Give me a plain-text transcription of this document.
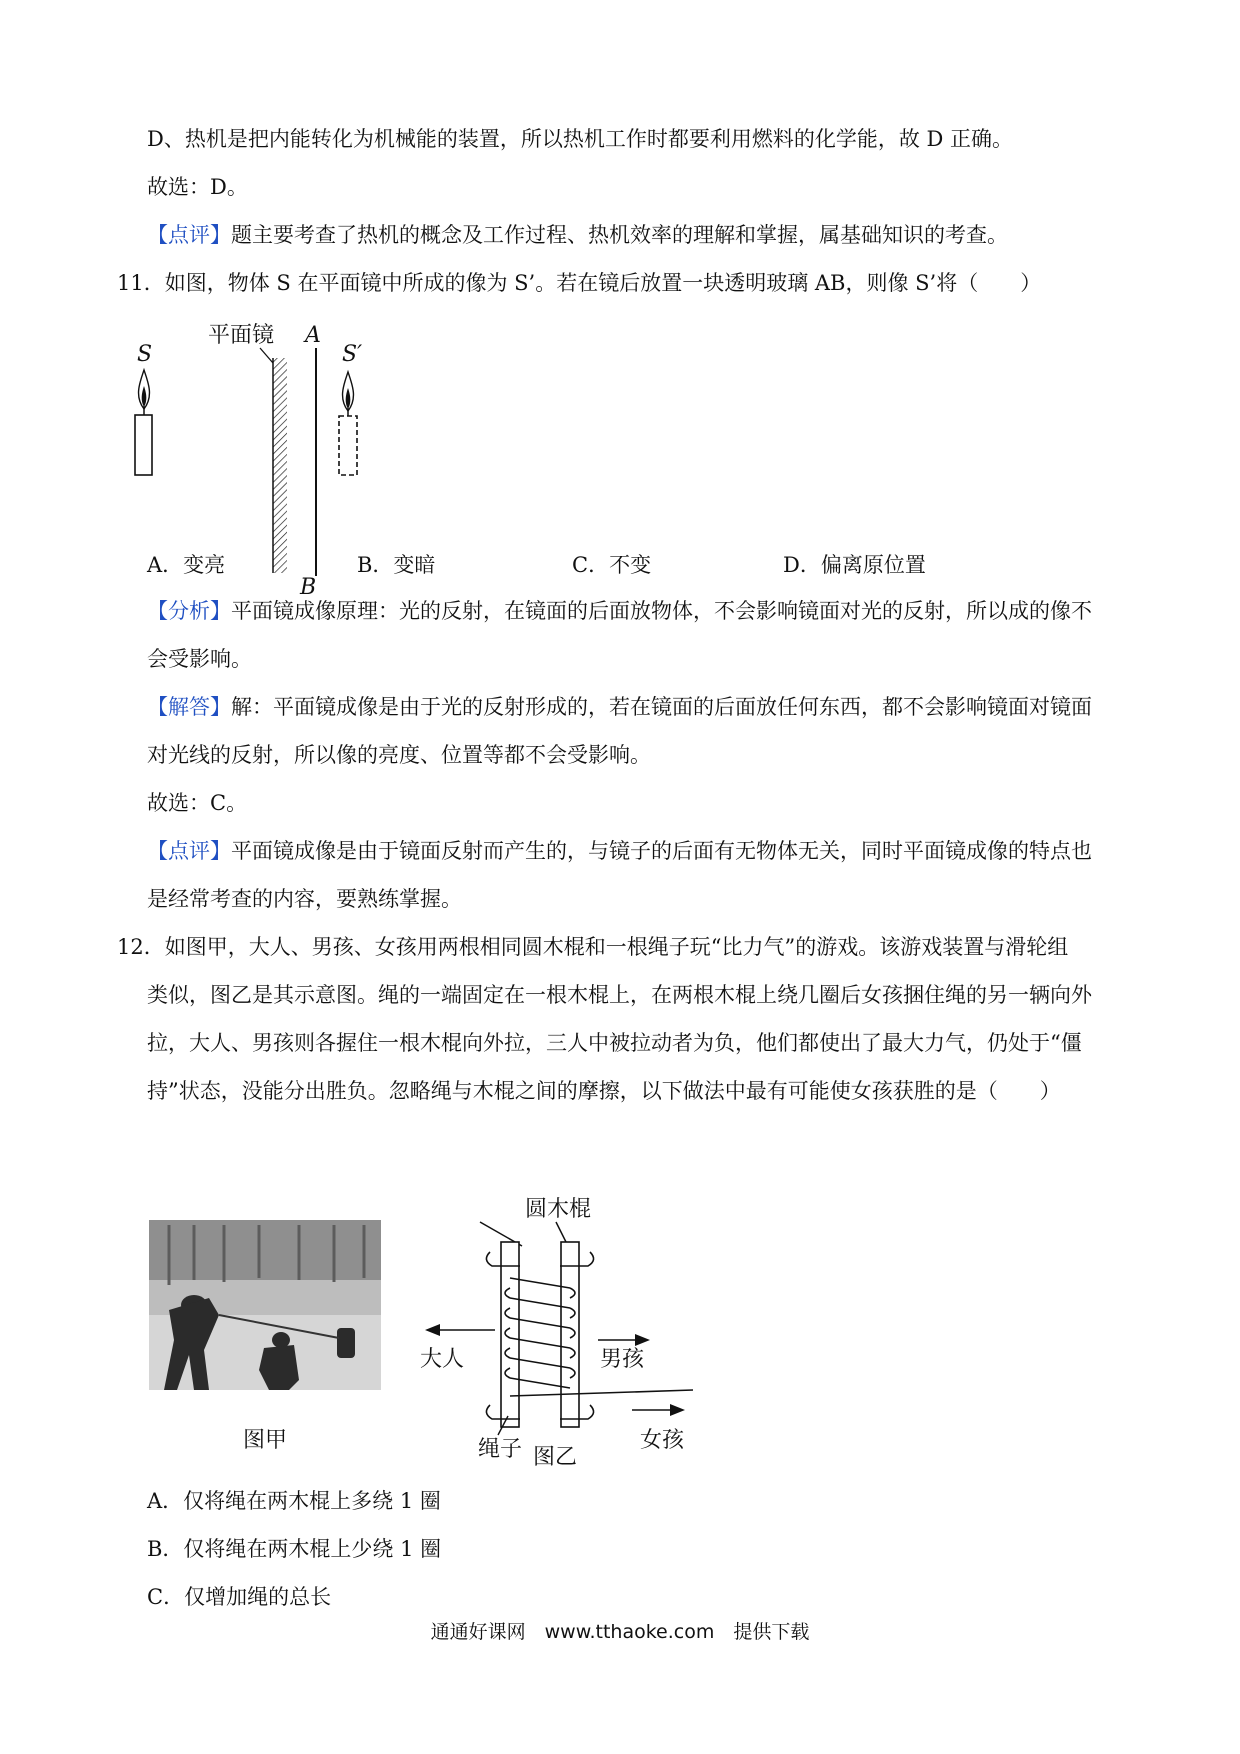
D、热机是把内能转化为机械能的装置，所以热机工作时都要利用燃料的化学能，故 D 正确。
故选：D。
【点评】题主要考查了热机的概念及工作过程、热机效率的理解和掌握，属基础知识的考查。
11．如图，物体 S 在平面镜中所成的像为 S’。若在镜后放置一块透明玻璃 AB，则像 S’将（　　）
平面镜 A
B
S	S′
A．变亮	B．变暗	C．不变	D．偏离原位置
【分析】平面镜成像原理：光的反射，在镜面的后面放物体，不会影响镜面对光的反射，所以成的像不
会受影响。
【解答】解：平面镜成像是由于光的反射形成的，若在镜面的后面放任何东西，都不会影响镜面对镜面
对光线的反射，所以像的亮度、位置等都不会受影响。
故选：C。
【点评】平面镜成像是由于镜面反射而产生的，与镜子的后面有无物体无关，同时平面镜成像的特点也
是经常考查的内容，要熟练掌握。
12．如图甲，大人、男孩、女孩用两根相同圆木棍和一根绳子玩“比力气”的游戏。该游戏装置与滑轮组
类似，图乙是其示意图。绳的一端固定在一根木棍上，在两根木棍上绕几圈后女孩捆住绳的另一辆向外
拉，大人、男孩则各握住一根木棍向外拉，三人中被拉动者为负，他们都使出了最大力气，仍处于“僵
持”状态，没能分出胜负。忽略绳与木棍之间的摩擦，以下做法中最有可能使女孩获胜的是（　　）
图甲
圆木棍
大人	男孩
女孩
绳子 图乙
A．仅将绳在两木棍上多绕 1 圈
B．仅将绳在两木棍上少绕 1 圈
C．仅增加绳的总长
通通好课网　www.tthaoke.com　提供下载
